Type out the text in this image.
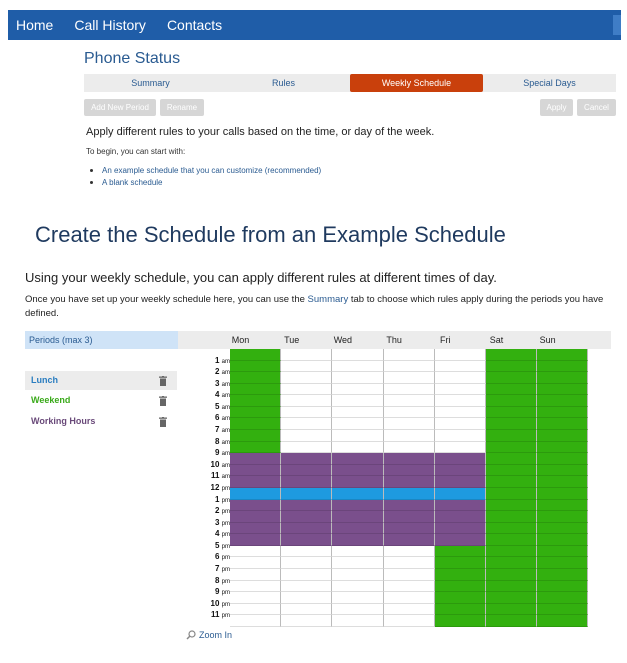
Home Call History Contacts
Phone Status
Summary	Rules	Weekly Schedule	Special Days
Add New Period	Rename	Apply	Cancel
Apply different rules to your calls based on the time, or day of the week.
To begin, you can start with:
An example schedule that you can customize (recommended)
A blank schedule
Create the Schedule from an Example Schedule
Using your weekly schedule, you can apply different rules at different times of day.
Once you have set up your weekly schedule here, you can use the Summary tab to choose which rules apply during the periods you have defined.
Periods (max 3)
Lunch
Weekend
Working Hours
Mon	Tue	Wed	Thu	Fri	Sat	Sun
1 am
2 am
3 am
4 am
5 am
6 am
7 am
8 am
9 am
10 am
11 am
12 pm
1 pm
2 pm
3 pm
4 pm
5 pm
6 pm
7 pm
8 pm
9 pm
10 pm
11 pm
Zoom In
